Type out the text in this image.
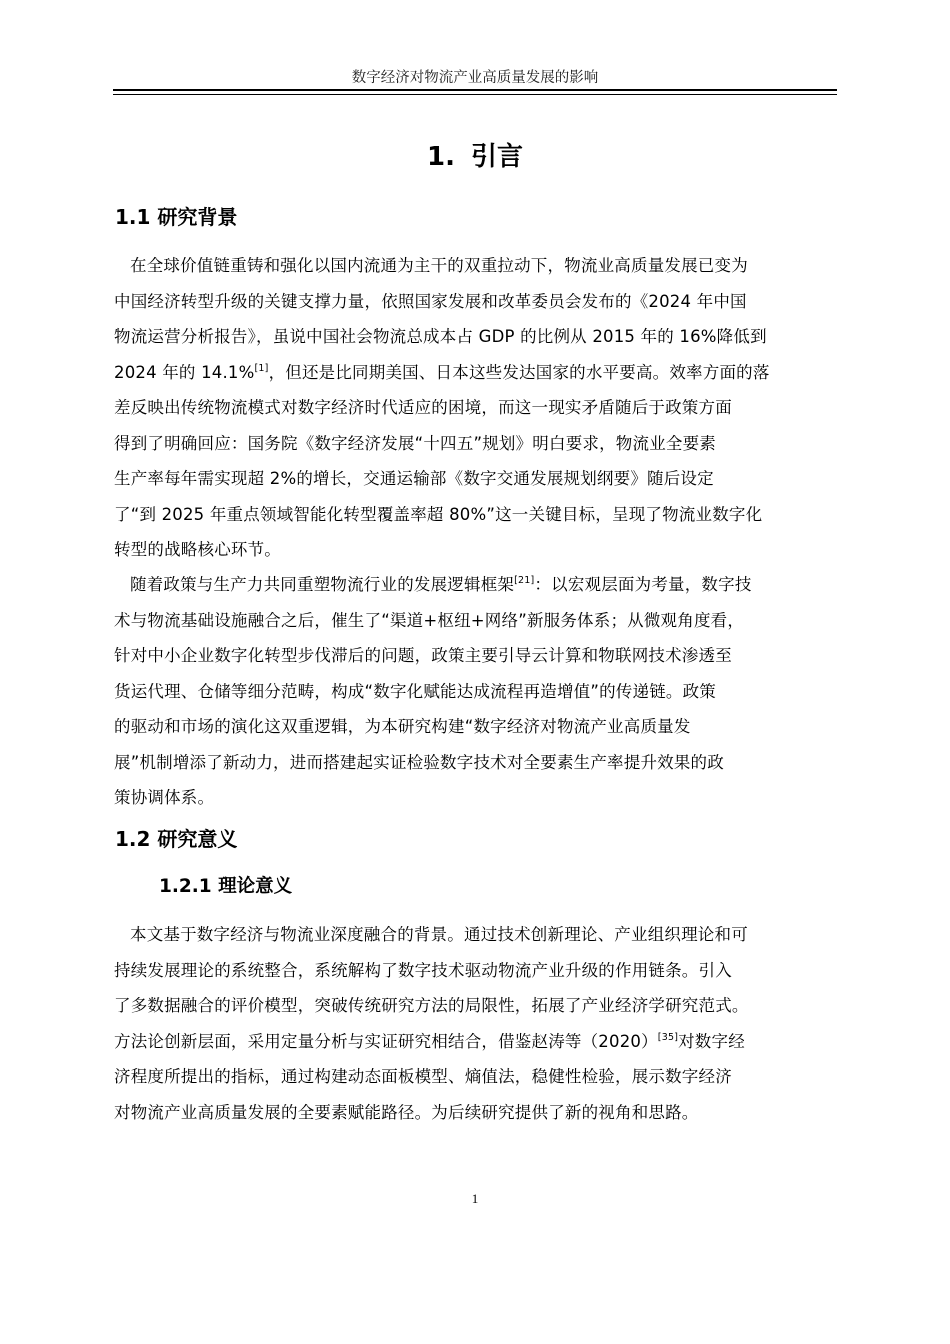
数字经济对物流产业高质量发展的影响
1. 引言
1.1 研究背景
在全球价值链重铸和强化以国内流通为主干的双重拉动下，物流业高质量发展已变为
中国经济转型升级的关键支撑力量，依照国家发展和改革委员会发布的《2024 年中国
物流运营分析报告》，虽说中国社会物流总成本占 GDP 的比例从 2015 年的 16%降低到
2024 年的 14.1%[1]，但还是比同期美国、日本这些发达国家的水平要高。效率方面的落
差反映出传统物流模式对数字经济时代适应的困境，而这一现实矛盾随后于政策方面
得到了明确回应：国务院《数字经济发展“十四五”规划》明白要求，物流业全要素
生产率每年需实现超 2%的增长，交通运输部《数字交通发展规划纲要》随后设定
了“到 2025 年重点领域智能化转型覆盖率超 80%”这一关键目标，呈现了物流业数字化
转型的战略核心环节。
随着政策与生产力共同重塑物流行业的发展逻辑框架[21]：以宏观层面为考量，数字技
术与物流基础设施融合之后，催生了“渠道+枢纽+网络”新服务体系；从微观角度看，
针对中小企业数字化转型步伐滞后的问题，政策主要引导云计算和物联网技术渗透至
货运代理、仓储等细分范畴，构成“数字化赋能达成流程再造增值”的传递链。政策
的驱动和市场的演化这双重逻辑，为本研究构建“数字经济对物流产业高质量发
展”机制增添了新动力，进而搭建起实证检验数字技术对全要素生产率提升效果的政
策协调体系。
1.2 研究意义
1.2.1 理论意义
本文基于数字经济与物流业深度融合的背景。通过技术创新理论、产业组织理论和可
持续发展理论的系统整合，系统解构了数字技术驱动物流产业升级的作用链条。引入
了多数据融合的评价模型，突破传统研究方法的局限性，拓展了产业经济学研究范式。
方法论创新层面，采用定量分析与实证研究相结合，借鉴赵涛等（2020）[35]对数字经
济程度所提出的指标，通过构建动态面板模型、熵值法，稳健性检验，展示数字经济
对物流产业高质量发展的全要素赋能路径。为后续研究提供了新的视角和思路。
1
